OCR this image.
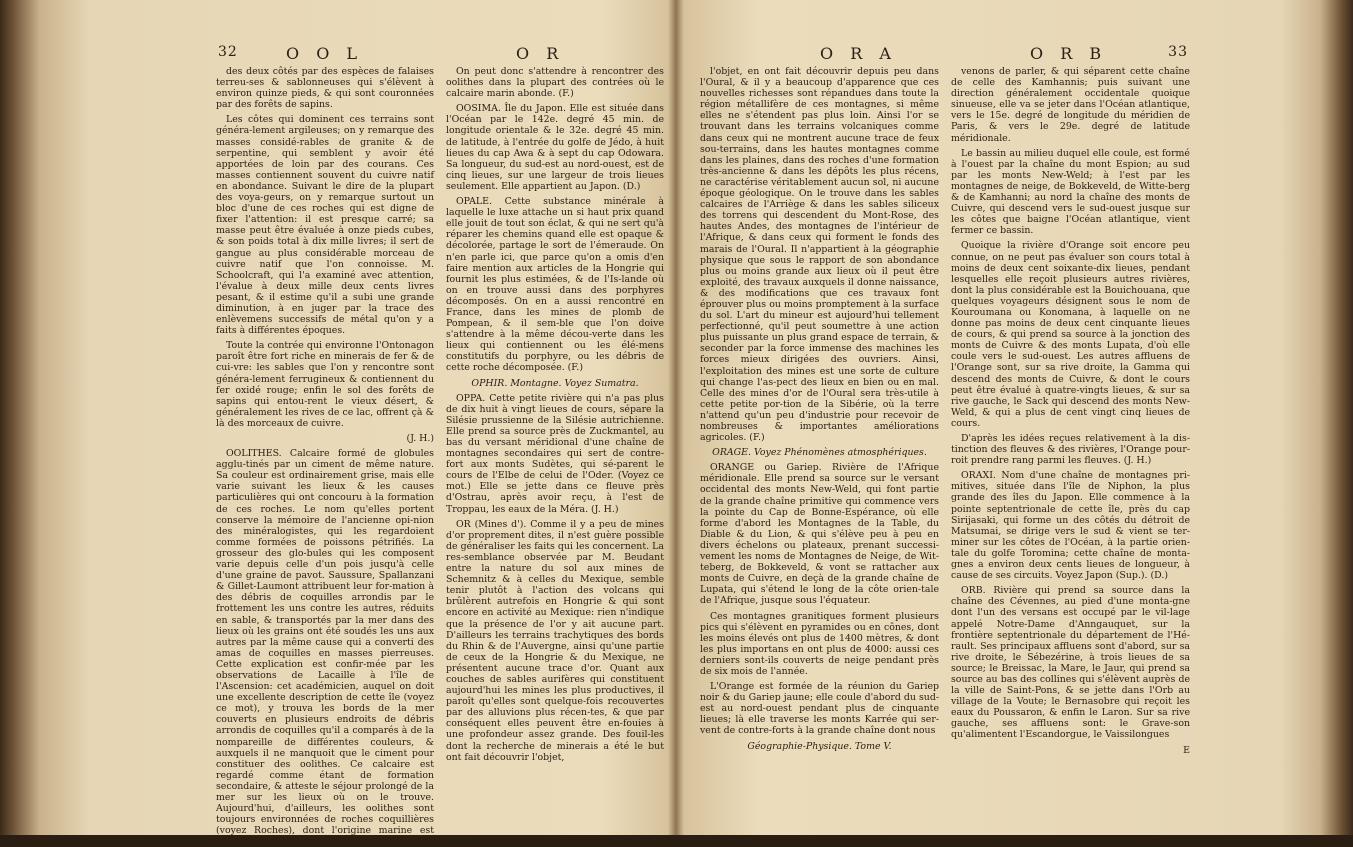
32	O O L	O R

des deux côtés par des espèces de falaises terreu-ses & sablonneuses qui s'élèvent à environ quinze pieds, & qui sont couronnées par des forêts de sapins.

Les côtes qui dominent ces terrains sont généra-lement argileuses; on y remarque des masses considé-rables de granite & de serpentine, qui semblent y avoir été apportées de loin par des courans. Ces masses contiennent souvent du cuivre natif en abondance. Suivant le dire de la plupart des voya-geurs, on y remarque surtout un bloc d'une de ces roches qui est digne de fixer l'attention: il est presque carré; sa masse peut être évaluée à onze pieds cubes, & son poids total à dix mille livres; il sert de gangue au plus considérable morceau de cuivre natif que l'on connoisse. M. Schoolcraft, qui l'a examiné avec attention, l'évalue à deux mille deux cents livres pesant, & il estime qu'il a subi une grande diminution, à en juger par la trace des enlèvemens successifs de métal qu'on y a faits à différentes époques.

Toute la contrée qui environne l'Ontonagon paroît être fort riche en minerais de fer & de cui-vre: les sables que l'on y rencontre sont généra-lement ferrugineux & contiennent du fer oxidé rouge; enfin le sol des forêts de sapins qui entou-rent le vieux désert, & généralement les rives de ce lac, offrent çà & là des morceaux de cuivre.

(J. H.)

OOLITHES. Calcaire formé de globules agglu-tinés par un ciment de même nature. Sa couleur est ordinairement grise, mais elle varie suivant les lieux & les causes particulières qui ont concouru à la formation de ces roches. Le nom qu'elles portent conserve la mémoire de l'ancienne opi-nion des minéralogistes, qui les regardoient comme formées de poissons pétrifiés. La grosseur des glo-bules qui les composent varie depuis celle d'un pois jusqu'à celle d'une graine de pavot. Saussure, Spallanzani & Gillet-Laumont attribuent leur for-mation à des débris de coquilles arrondis par le frottement les uns contre les autres, réduits en sable, & transportés par la mer dans des lieux où les grains ont été soudés les uns aux autres par la même cause qui a converti des amas de coquilles en masses pierreuses. Cette explication est confir-mée par les observations de Lacaille à l'île de l'Ascension: cet académicien, auquel on doit une excellente description de cette île (voyez ce mot), y trouva les bords de la mer couverts en plusieurs endroits de débris arrondis de coquilles qu'il a comparés à de la nompareille de différentes couleurs, & auxquels il ne manquoit que le ciment pour constituer des oolithes. Ce calcaire est regardé comme étant de formation secondaire, & atteste le séjour prolongé de la mer sur les lieux où on le trouve. Aujourd'hui, d'ailleurs, les oolithes sont toujours environnées de roches coquillières (voyez Roches), dont l'origine marine est incontestable.

On peut donc s'attendre à rencontrer des oolithes dans la plupart des contrées où le calcaire marin abonde. (F.)

OOSIMA. Île du Japon. Elle est située dans l'Océan par le 142e. degré 45 min. de longitude orientale & le 32e. degré 45 min. de latitude, à l'entrée du golfe de Jédo, à huit lieues du cap Awa & à sept du cap Odowara. Sa longueur, du sud-est au nord-ouest, est de cinq lieues, sur une largeur de trois lieues seulement. Elle appartient au Japon. (D.)

OPALE. Cette substance minérale à laquelle le luxe attache un si haut prix quand elle jouit de tout son éclat, & qui ne sert qu'à réparer les chemins quand elle est opaque & décolorée, partage le sort de l'émeraude. On n'en parle ici, que parce qu'on a omis d'en faire mention aux articles de la Hongrie qui fournit les plus estimées, & de l'Is-lande où on en trouve aussi dans des porphyres décomposés. On en a aussi rencontré en France, dans les mines de plomb de Pompean, & il sem-ble que l'on doive s'attendre à la même décou-verte dans les lieux qui contiennent ou les élé-mens constitutifs du porphyre, ou les débris de cette roche décomposée. (F.)

OPHIR. Montagne. Voyez Sumatra.

OPPA. Cette petite rivière qui n'a pas plus de dix huit à vingt lieues de cours, sépare la Silésie prussienne de la Silésie autrichienne. Elle prend sa source près de Zuckmantel, au bas du versant méridional d'une chaîne de montagnes secondaires qui sert de contre-fort aux monts Sudètes, qui sé-parent le cours de l'Elbe de celui de l'Oder. (Voyez ce mot.) Elle se jette dans ce fleuve près d'Ostrau, après avoir reçu, à l'est de Troppau, les eaux de la Méra. (J. H.)

OR (Mines d'). Comme il y a peu de mines d'or proprement dites, il n'est guère possible de généraliser les faits qui les concernent. La res-semblance observée par M. Beudant entre la nature du sol aux mines de Schemnitz & à celles du Mexique, semble tenir plutôt à l'action des volcans qui brûlèrent autrefois en Hongrie & qui sont encore en activité au Mexique: rien n'indique que la présence de l'or y ait aucune part. D'ailleurs les terrains trachytiques des bords du Rhin & de l'Auvergne, ainsi qu'une partie de ceux de la Hongrie & du Mexique, ne présentent aucune trace d'or. Quant aux couches de sables aurifères qui constituent aujourd'hui les mines les plus productives, il paroît qu'elles sont quelque-fois recouvertes par des alluvions plus récen-tes, & que par conséquent elles peuvent être en-fouies à une profondeur assez grande. Des fouil-les dont la recherche de minerais a été le but ont fait découvrir l'objet,

O R A	O R B	33

l'objet, en ont fait découvrir depuis peu dans l'Oural, & il y a beaucoup d'apparence que ces nouvelles richesses sont répandues dans toute la région métallifère de ces montagnes, si même elles ne s'étendent pas plus loin. Ainsi l'or se trouvant dans les terrains volcaniques comme dans ceux qui ne montrent aucune trace de feux sou-terrains, dans les hautes montagnes comme dans les plaines, dans des roches d'une formation très-ancienne & dans les dépôts les plus récens, ne caractérise véritablement aucun sol, ni aucune époque géologique. On le trouve dans les sables calcaires de l'Arriège & dans les sables siliceux des torrens qui descendent du Mont-Rose, des hautes Andes, des montagnes de l'intérieur de l'Afrique, & dans ceux qui forment le fonds des marais de l'Oural. Il n'appartient à la géographie physique que sous le rapport de son abondance plus ou moins grande aux lieux où il peut être exploité, des travaux auxquels il donne naissance, & des modifications que ces travaux font éprouver plus ou moins promptement à la surface du sol. L'art du mineur est aujourd'hui tellement perfectionné, qu'il peut soumettre à une action plus puissante un plus grand espace de terrain, & seconder par la force immense des machines les forces mieux dirigées des ouvriers. Ainsi, l'exploitation des mines est une sorte de culture qui change l'as-pect des lieux en bien ou en mal. Celle des mines d'or de l'Oural sera très-utile à cette petite por-tion de la Sibérie, où la terre n'attend qu'un peu d'industrie pour recevoir de nombreuses & importantes améliorations agricoles. (F.)

ORAGE. Voyez Phénomènes atmosphériques.

ORANGE ou Gariep. Rivière de l'Afrique méridionale. Elle prend sa source sur le versant occidental des monts New-Weld, qui font partie de la grande chaîne primitive qui commence vers la pointe du Cap de Bonne-Espérance, où elle forme d'abord les Montagnes de la Table, du Diable & du Lion, & qui s'élève peu à peu en divers échelons ou plateaux, prenant successi-vement les noms de Montagnes de Neige, de Wit-teberg, de Bokkeveld, & vont se rattacher aux monts de Cuivre, en deçà de la grande chaîne de Lupata, qui s'étend le long de la côte orien-tale de l'Afrique, jusque sous l'équateur.

Ces montagnes granitiques forment plusieurs pics qui s'élèvent en pyramides ou en cônes, dont les moins élevés ont plus de 1400 mètres, & dont les plus importans en ont plus de 4000: aussi ces derniers sont-ils couverts de neige pendant près de six mois de l'année.

L'Orange est formée de la réunion du Gariep noir & du Gariep jaune; elle coule d'abord du sud-est au nord-ouest pendant plus de cinquante lieues; là elle traverse les monts Karrée qui ser-vent de contre-forts à la grande chaîne dont nous

Géographie-Physique. Tome V.

venons de parler, & qui séparent cette chaîne de celle des Kamhannis; puis suivant une direction généralement occidentale quoique sinueuse, elle va se jeter dans l'Océan atlantique, vers le 15e. degré de longitude du méridien de Paris, & vers le 29e. degré de latitude méridionale.

Le bassin au milieu duquel elle coule, est formé à l'ouest par la chaîne du mont Espion; au sud par les monts New-Weld; à l'est par les montagnes de neige, de Bokkeveld, de Witte-berg & de Kamhanni; au nord la chaîne des monts de Cuivre, qui descend vers le sud-ouest jusque sur les côtes que baigne l'Océan atlantique, vient fermer ce bassin.

Quoique la rivière d'Orange soit encore peu connue, on ne peut pas évaluer son cours total à moins de deux cent soixante-dix lieues, pendant lesquelles elle reçoit plusieurs autres rivières, dont la plus considérable est la Bouichouana, que quelques voyageurs désignent sous le nom de Kouroumana ou Konomana, à laquelle on ne donne pas moins de deux cent cinquante lieues de cours, & qui prend sa source à la jonction des monts de Cuivre & des monts Lupata, d'où elle coule vers le sud-ouest. Les autres affluens de l'Orange sont, sur sa rive droite, la Gamma qui descend des monts de Cuivre, & dont le cours peut être évalué à quatre-vingts lieues, & sur sa rive gauche, le Sack qui descend des monts New-Weld, & qui a plus de cent vingt cinq lieues de cours.

D'après les idées reçues relativement à la dis-tinction des fleuves & des rivières, l'Orange pour-roit prendre rang parmi les fleuves. (J. H.)

ORAXI. Nom d'une chaîne de montagnes pri-mitives, située dans l'île de Niphon, la plus grande des îles du Japon. Elle commence à la pointe septentrionale de cette île, près du cap Sirijasaki, qui forme un des côtés du détroit de Matsumai, se dirige vers le sud & vient se ter-miner sur les côtes de l'Océan, à la partie orien-tale du golfe Toromina; cette chaîne de monta-gnes a environ deux cents lieues de longueur, à cause de ses circuits. Voyez Japon (Sup.). (D.)

ORB. Rivière qui prend sa source dans la chaîne des Cévennes, au pied d'une monta-gne dont l'un des versans est occupé par le vil-lage appelé Notre-Dame d'Anngauquet, sur la frontière septentrionale du département de l'Hé-rault. Ses principaux affluens sont d'abord, sur sa rive droite, le Sébezérine, à trois lieues de sa source; le Breissac, la Mare, le Jaur, qui prend sa source au bas des collines qui s'élèvent auprès de la ville de Saint-Pons, & se jette dans l'Orb au village de la Voute; le Bernasobre qui reçoit les eaux du Poussaron, & enfin le Laron. Sur sa rive gauche, ses affluens sont: le Grave-son qu'alimentent l'Escandorgue, le Vaissilongues

E
